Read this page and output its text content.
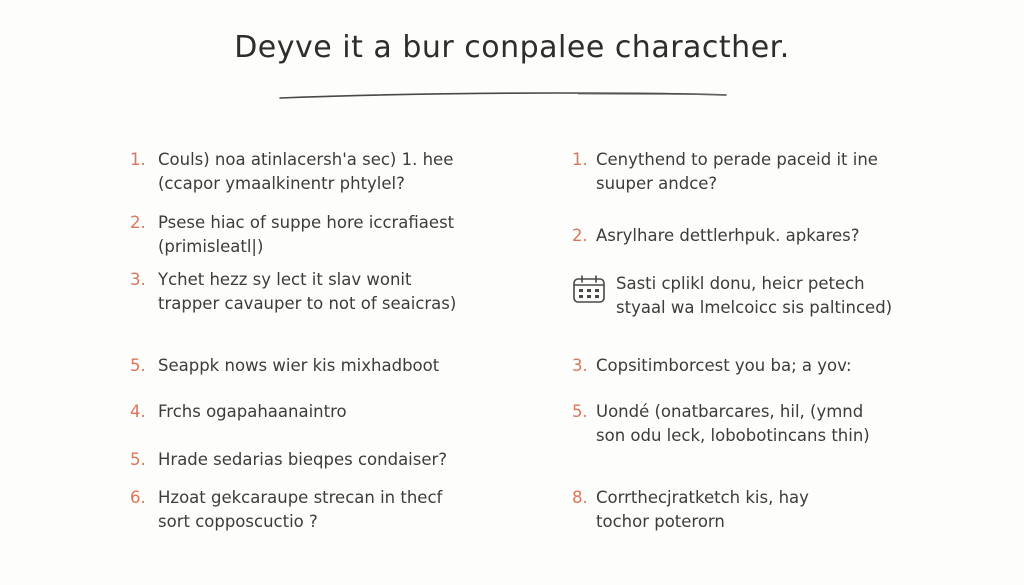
Deyve it a bur conpalee characther.
1. Couls) noa atinlacersh'a sec) 1. hee
(ccapor ymaalkinentr phtylel?
2. Psese hiac of suppe hore iccrafiaest
(primisleatl|)
3. Ychet hezz sy lect it slav wonit
trapper cavauper to not of seaicras)
5. Seappk nows wier kis mixhadboot
4. Frchs ogapahaanaintro
5. Hrade sedarias bieqpes condaiser?
6. Hzoat gekcaraupe strecan in thecf
sort copposcuctio ?
1. Cenythend to perade paceid it ine
suuper andce?
2. Asrylhare dettlerhpuk. apkares?
Sasti cplikl donu, heicr petech
styaal wa lmelcoicc sis paltinced)
3. Copsitimborcest you ba; a yov:
5. Uondé (onatbarcares, hil, (ymnd
son odu leck, lobobotincans thin)
8. Corrthecjratketch kis, hay
tochor poterorn
